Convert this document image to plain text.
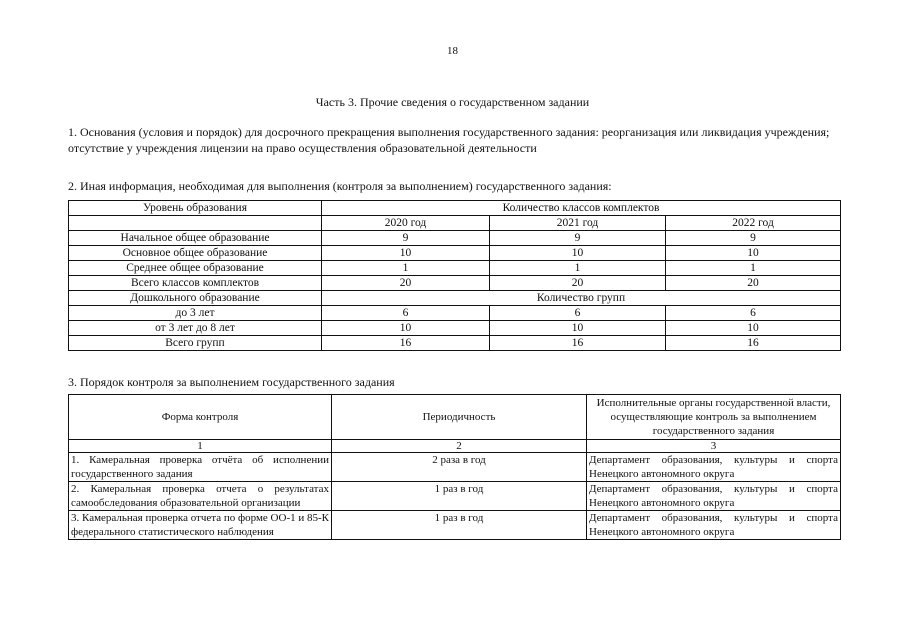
18
Часть 3. Прочие сведения о государственном задании
1. Основания (условия и порядок) для досрочного прекращения выполнения государственного задания: реорганизация или ликвидация учреждения; отсутствие у учреждения лицензии на право осуществления образовательной деятельности
2. Иная информация, необходимая для выполнения (контроля за выполнением) государственного задания:
Уровень образования	Количество классов комплектов		
	2020 год	2021 год	2022 год
Начальное общее образование	9	9	9
Основное общее образование	10	10	10
Среднее общее образование	1	1	1
Всего классов комплектов	20	20	20
Дошкольного образование	Количество групп		
до 3 лет	6	6	6
от 3 лет до 8 лет	10	10	10
Всего групп	16	16	16
3. Порядок контроля за выполнением государственного задания
Форма контроля	Периодичность	Исполнительные органы государственной власти, осуществляющие контроль за выполнением государственного задания
1	2	3
1. Камеральная проверка отчёта об исполнении государственного задания	2 раза в год	Департамент образования, культуры и спорта Ненецкого автономного округа
2. Камеральная проверка отчета о результатах самообследования образовательной организации	1 раз в год	Департамент образования, культуры и спорта Ненецкого автономного округа
3. Камеральная проверка отчета по форме ОО-1 и 85-К федерального статистического наблюдения	1 раз в год	Департамент образования, культуры и спорта Ненецкого автономного округа
